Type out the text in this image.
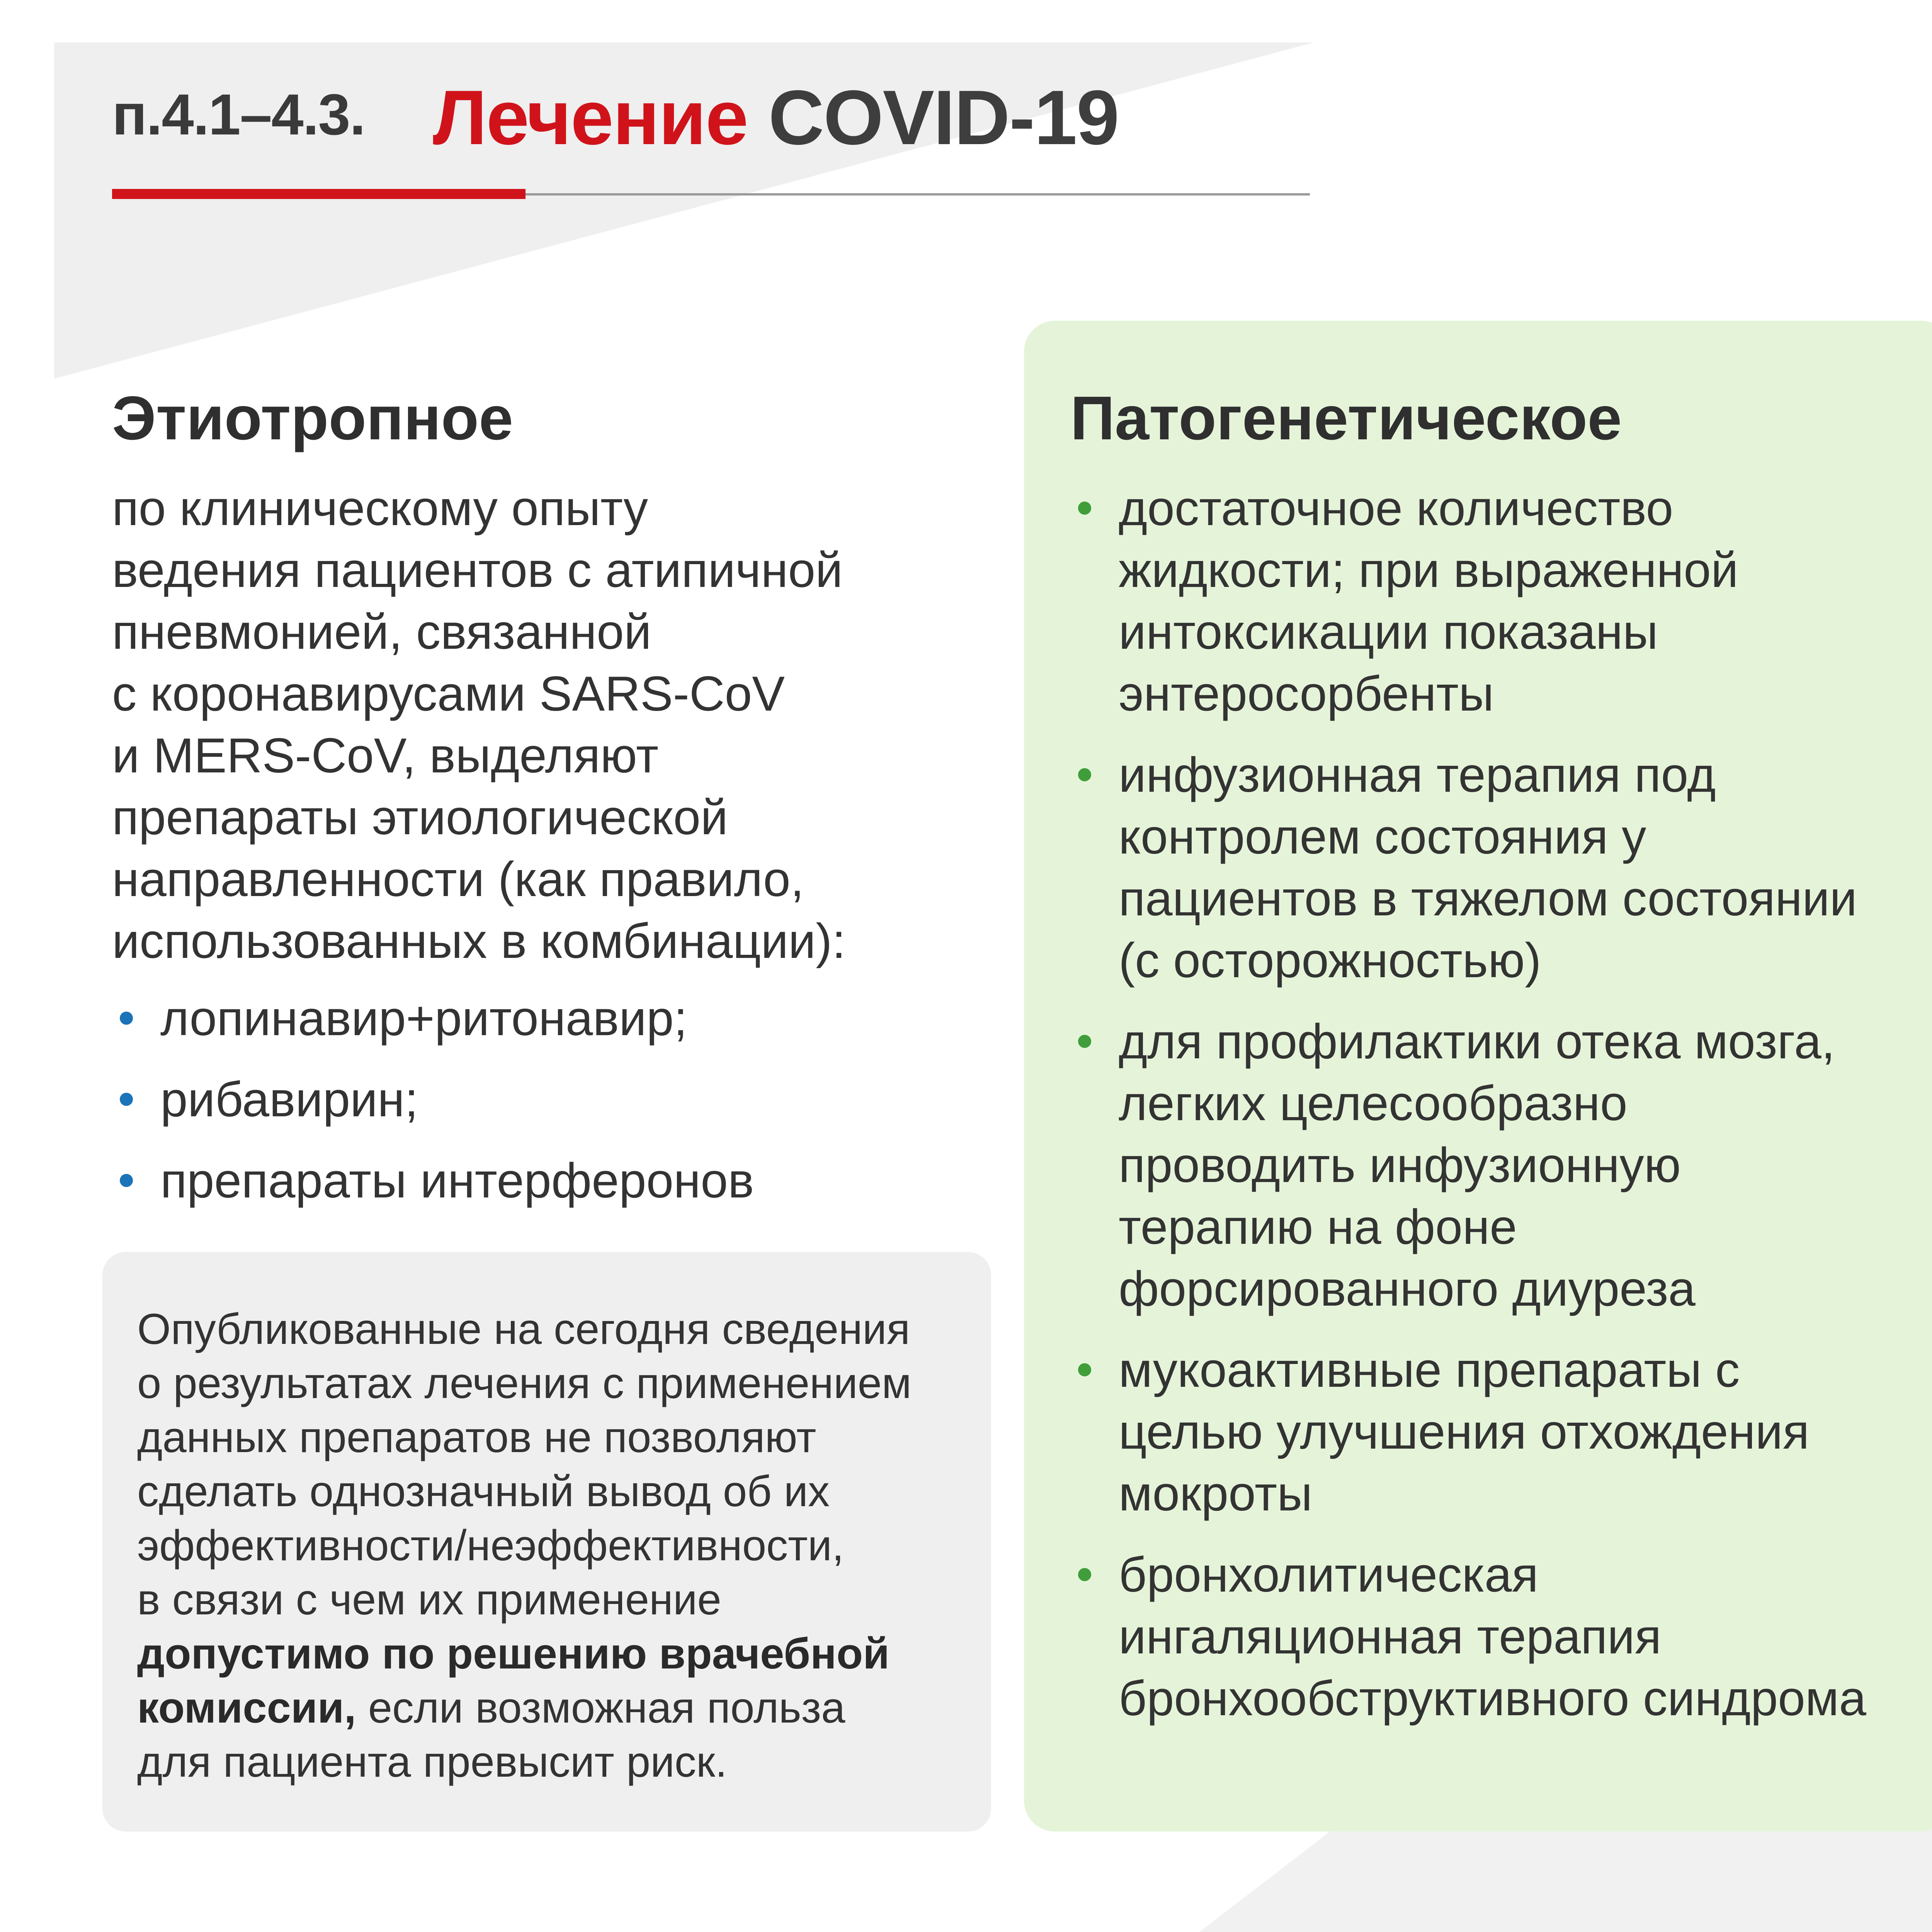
п.4.1–4.3. Лечение COVID-19
Этиотропное
по клиническому опыту
ведения пациентов с атипичной
пневмонией, связанной
с коронавирусами SARS-CoV
и MERS-CoV, выделяют
препараты этиологической
направленности (как правило,
использованных в комбинации):
лопинавир+ритонавир;
рибавирин;
препараты интерферонов
Опубликованные на сегодня сведения
о результатах лечения с применением
данных препаратов не позволяют
сделать однозначный вывод об их
эффективности/неэффективности,
в связи с чем их применение
допустимо по решению врачебной
комиссии, если возможная польза
для пациента превысит риск.
Патогенетическое
достаточное количество
жидкости; при выраженной
интоксикации показаны
энтеросорбенты
инфузионная терапия под
контролем состояния у
пациентов в тяжелом состоянии
(с осторожностью)
для профилактики отека мозга,
легких целесообразно
проводить инфузионную
терапию на фоне
форсированного диуреза
мукоактивные препараты с
целью улучшения отхождения
мокроты
бронхолитическая
ингаляционная терапия
бронхообструктивного синдрома
